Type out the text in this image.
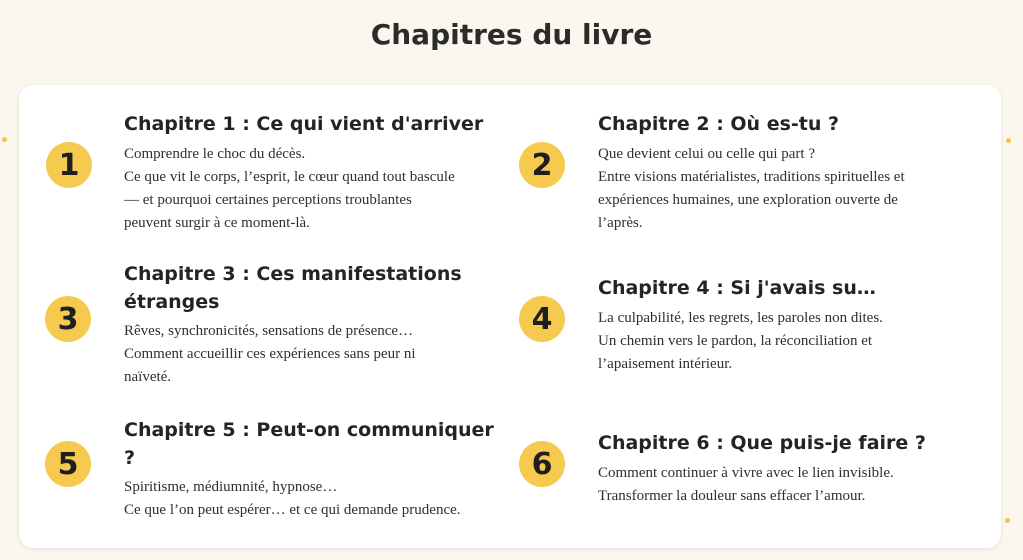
Chapitres du livre
1
Chapitre 1 : Ce qui vient d'arriver

Comprendre le choc du décès.
Ce que vit le corps, l’esprit, le cœur quand tout bascule
— et pourquoi certaines perceptions troublantes
peuvent surgir à ce moment-là.

2
Chapitre 2 : Où es-tu ?

Que devient celui ou celle qui part ?
Entre visions matérialistes, traditions spirituelles et
expériences humaines, une exploration ouverte de
l’après.

3
Chapitre 3 : Ces manifestations étranges

Rêves, synchronicités, sensations de présence…
Comment accueillir ces expériences sans peur ni
naïveté.

4
Chapitre 4 : Si j'avais su…

La culpabilité, les regrets, les paroles non dites.
Un chemin vers le pardon, la réconciliation et
l’apaisement intérieur.

5
Chapitre 5 : Peut-on communiquer ?

Spiritisme, médiumnité, hypnose…
Ce que l’on peut espérer… et ce qui demande prudence.

6
Chapitre 6 : Que puis-je faire ?

Comment continuer à vivre avec le lien invisible.
Transformer la douleur sans effacer l’amour.
